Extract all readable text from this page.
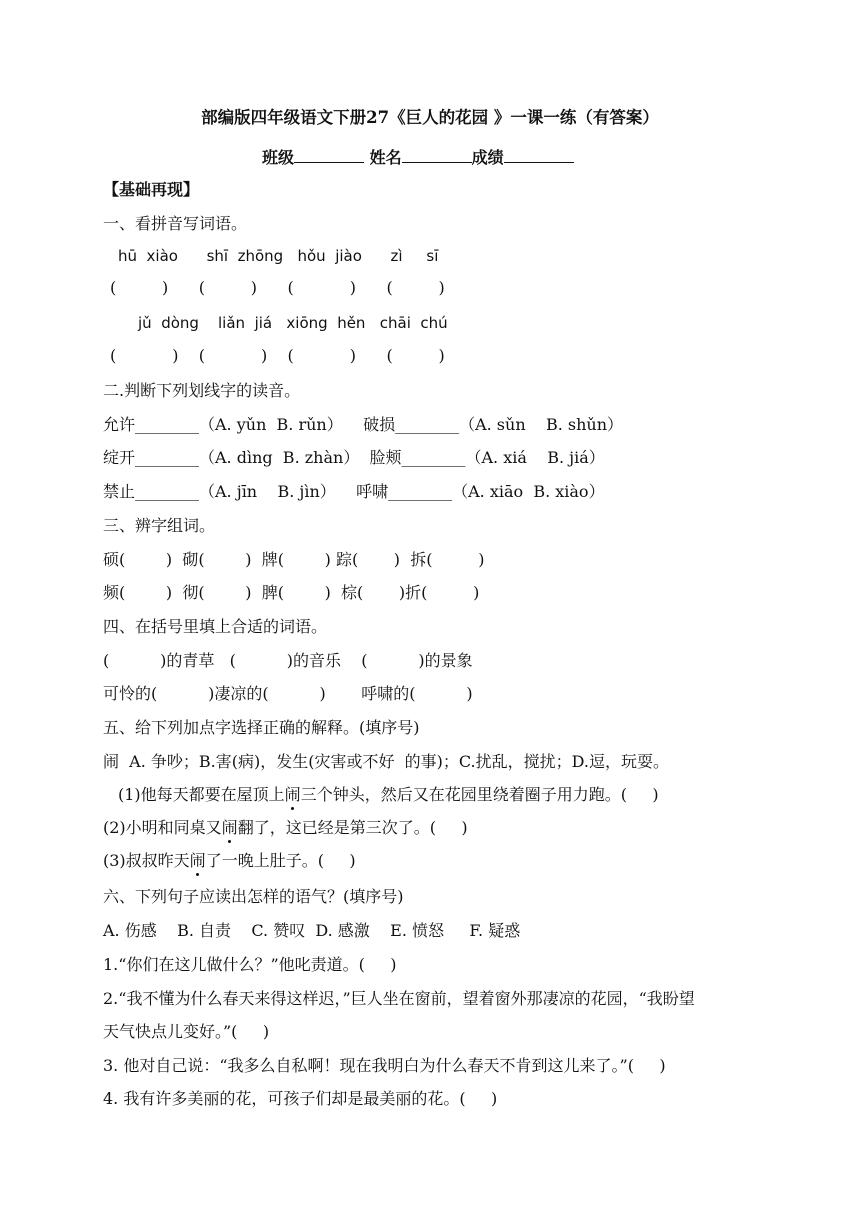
部编版四年级语文下册27《巨人的花园 》一课一练（有答案）
班级	姓名	成绩
【基础再现】
一、看拼音写词语。
hū  xiào      shī  zhōng   hǒu  jiào      zì     sī
(         )      (         )      (           )      (         )
jǔ  dòng    liǎn  jiá   xiōng  hěn   chāi  chú
(           )    (           )    (           )      (         )
二.判断下列划线字的读音。
允许________（A. yǔn  B. rǔn）    破损________（A. sǔn    B. shǔn）
绽开________（A. dìng  B. zhàn）  脸颊________（A. xiá    B. jiá）
禁止________（A. jīn    B. jìn）    呼啸________（A. xiāo  B. xiào）
三、辨字组词。
硕(        )  砌(        )  牌(        ) 踪(       )  拆(         )
频(        )  彻(        )  脾(        )  棕(       )折(         )
四、在括号里填上合适的词语。
(          )的青草   (          )的音乐    (          )的景象
可怜的(          )凄凉的(          )       呼啸的(          )
五、给下列加点字选择正确的解释。(填序号)
闹  A. 争吵；B.害(病)，发生(灾害或不好  的事)；C.扰乱，搅扰；D.逗，玩耍。
(1)他每天都要在屋顶上闹三个钟头，然后又在花园里绕着圈子用力跑。(     )
(2)小明和同桌又闹翻了，这已经是第三次了。(     )
(3)叔叔昨天闹了一晚上肚子。(     )
六、下列句子应读出怎样的语气？(填序号)
A. 伤感    B. 自责    C. 赞叹  D. 感激    E. 愤怒     F. 疑惑
1.“你们在这儿做什么？”他叱责道。(     )
2.“我不懂为什么春天来得这样迟，”巨人坐在窗前，望着窗外那凄凉的花园，“我盼望
天气快点儿变好。”(     )
3. 他对自己说：“我多么自私啊！现在我明白为什么春天不肯到这儿来了。”(     )
4. 我有许多美丽的花，可孩子们却是最美丽的花。(     )
